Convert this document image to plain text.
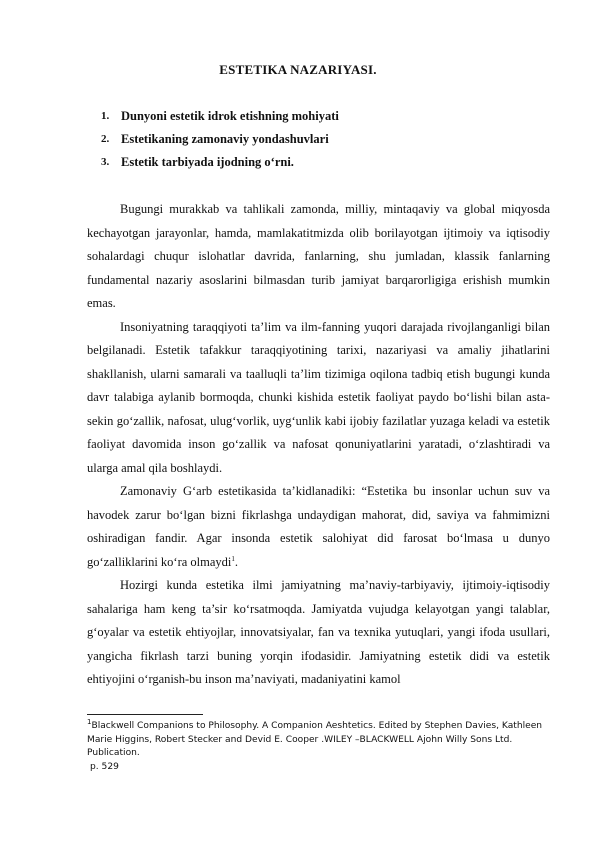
ESTETIKA NAZARIYASI.
1. Dunyoni estetik idrok etishning mohiyati
2. Estetikaning zamonaviy yondashuvlari
3. Estetik tarbiyada ijodning o‘rni.

Bugungi murakkab va tahlikali zamonda, milliy, mintaqaviy va global miqyosda kechayotgan jarayonlar, hamda, mamlakatitmizda olib borilayotgan ijtimoiy va iqtisodiy sohalardagi chuqur islohatlar davrida, fanlarning, shu jumladan, klassik fanlarning fundamental nazariy asoslarini bilmasdan turib jamiyat barqarorligiga erishish mumkin emas.

Insoniyatning taraqqiyoti ta’lim va ilm-fanning yuqori darajada rivojlanganligi bilan belgilanadi. Estetik tafakkur taraqqiyotining tarixi, nazariyasi va amaliy jihatlarini shakllanish, ularni samarali va taalluqli ta’lim tizimiga oqilona tadbiq etish bugungi kunda davr talabiga aylanib bormoqda, chunki kishida estetik faoliyat paydo bo‘lishi bilan asta-sekin go‘zallik, nafosat, ulug‘vorlik, uyg‘unlik kabi ijobiy fazilatlar yuzaga keladi va estetik faoliyat davomida inson go‘zallik va nafosat qonuniyatlarini yaratadi, o‘zlashtiradi va ularga amal qila boshlaydi.

Zamonaviy G‘arb estetikasida ta’kidlanadiki: “Estetika bu insonlar uchun suv va havodek zarur bo‘lgan bizni fikrlashga undaydigan mahorat, did, saviya va fahmimizni oshiradigan fandir. Agar insonda estetik salohiyat did farosat bo‘lmasa u dunyo go‘zalliklarini ko‘ra olmaydi$^1$.

Hozirgi kunda estetika ilmi jamiyatning ma’naviy-tarbiyaviy, ijtimoiy-iqtisodiy sahalariga ham keng ta’sir ko‘rsatmoqda. Jamiyatda vujudga kelayotgan yangi talablar, g‘oyalar va estetik ehtiyojlar, innovatsiyalar, fan va texnika yutuqlari, yangi ifoda usullari, yangicha fikrlash tarzi buning yorqin ifodasidir. Jamiyatning estetik didi va estetik ehtiyojini o‘rganish-bu inson ma’naviyati, madaniyatini kamol

$^1$Blackwell Companions to Philosophy. A Companion Aeshtetics. Edited by Stephen Davies, Kathleen Marie Higgins, Robert Stecker and Devid E. Cooper .WILEY –BLACKWELL Ajohn Willy Sons Ltd. Publication.
p. 529
